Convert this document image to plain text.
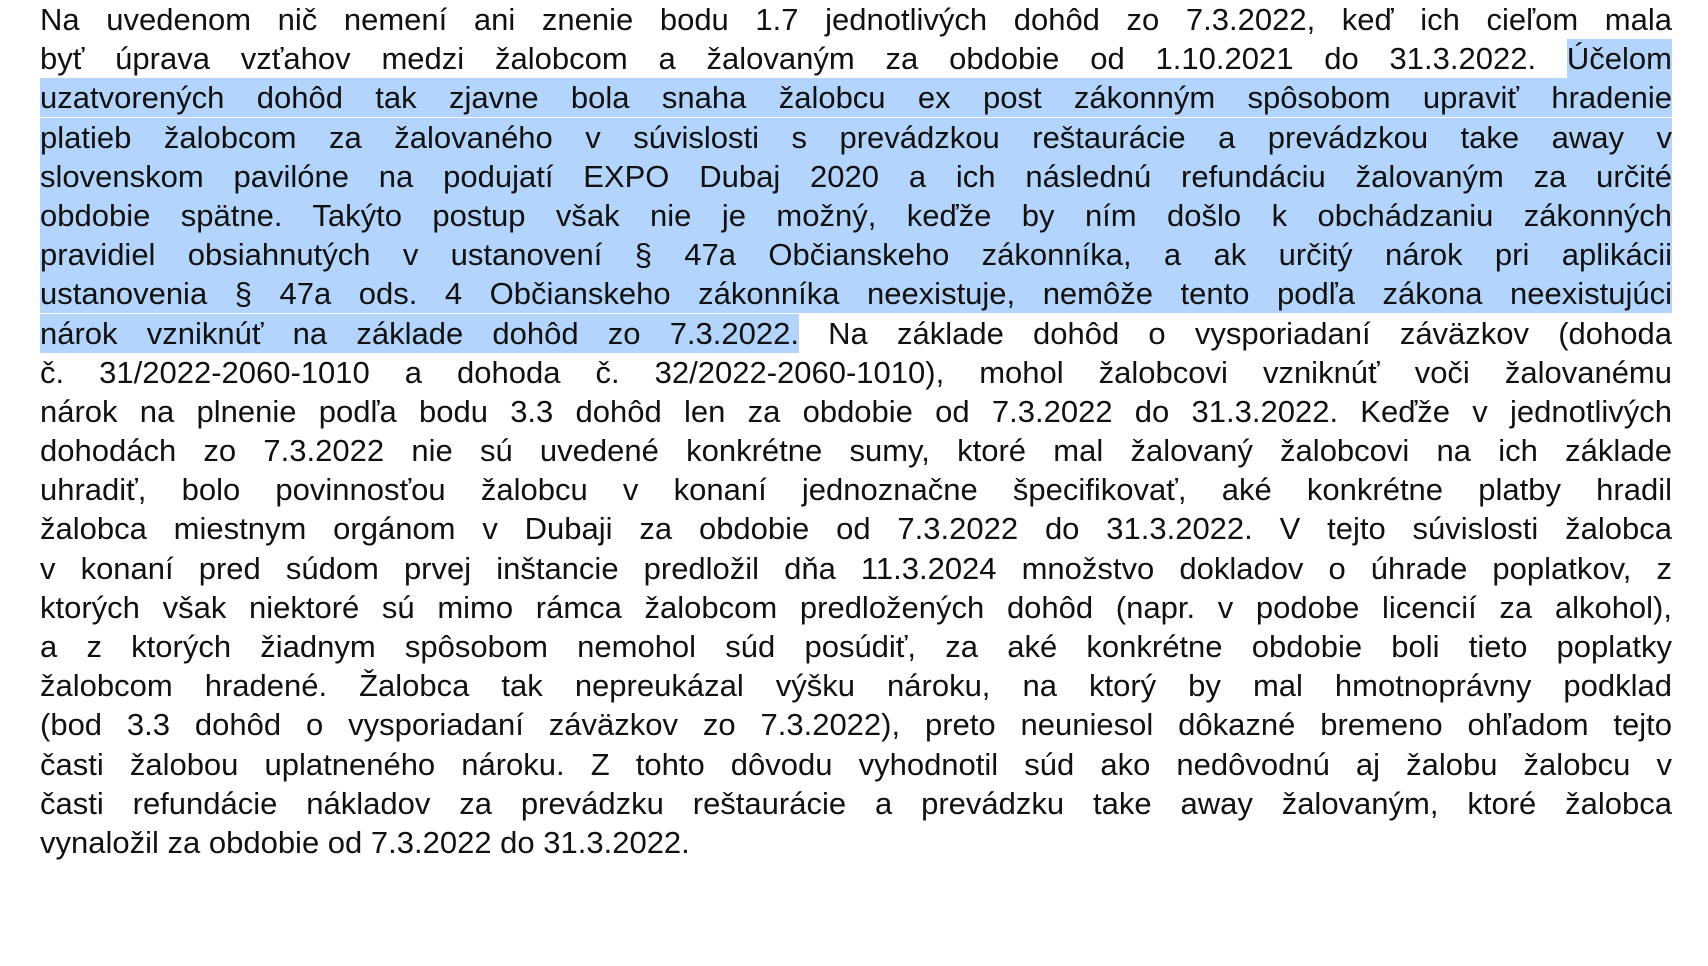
Na uvedenom nič nemení ani znenie bodu 1.7 jednotlivých dohôd zo 7.3.2022, keď ich cieľom mala
byť úprava vzťahov medzi žalobcom a žalovaným za obdobie od 1.10.2021 do 31.3.2022. Účelom
uzatvorených dohôd tak zjavne bola snaha žalobcu ex post zákonným spôsobom upraviť hradenie
platieb žalobcom za žalovaného v súvislosti s prevádzkou reštaurácie a prevádzkou take away v
slovenskom pavilóne na podujatí EXPO Dubaj 2020 a ich následnú refundáciu žalovaným za určité
obdobie spätne. Takýto postup však nie je možný, keďže by ním došlo k obchádzaniu zákonných
pravidiel obsiahnutých v ustanovení § 47a Občianskeho zákonníka, a ak určitý nárok pri aplikácii
ustanovenia § 47a ods. 4 Občianskeho zákonníka neexistuje, nemôže tento podľa zákona neexistujúci
nárok vzniknúť na základe dohôd zo 7.3.2022. Na základe dohôd o vysporiadaní záväzkov (dohoda
č. 31/2022-2060-1010 a dohoda č. 32/2022-2060-1010), mohol žalobcovi vzniknúť voči žalovanému
nárok na plnenie podľa bodu 3.3 dohôd len za obdobie od 7.3.2022 do 31.3.2022. Keďže v jednotlivých
dohodách zo 7.3.2022 nie sú uvedené konkrétne sumy, ktoré mal žalovaný žalobcovi na ich základe
uhradiť, bolo povinnosťou žalobcu v konaní jednoznačne špecifikovať, aké konkrétne platby hradil
žalobca miestnym orgánom v Dubaji za obdobie od 7.3.2022 do 31.3.2022. V tejto súvislosti žalobca
v konaní pred súdom prvej inštancie predložil dňa 11.3.2024 množstvo dokladov o úhrade poplatkov, z
ktorých však niektoré sú mimo rámca žalobcom predložených dohôd (napr. v podobe licencií za alkohol),
a z ktorých žiadnym spôsobom nemohol súd posúdiť, za aké konkrétne obdobie boli tieto poplatky
žalobcom hradené. Žalobca tak nepreukázal výšku nároku, na ktorý by mal hmotnoprávny podklad
(bod 3.3 dohôd o vysporiadaní záväzkov zo 7.3.2022), preto neuniesol dôkazné bremeno ohľadom tejto
časti žalobou uplatneného nároku. Z tohto dôvodu vyhodnotil súd ako nedôvodnú aj žalobu žalobcu v
časti refundácie nákladov za prevádzku reštaurácie a prevádzku take away žalovaným, ktoré žalobca
vynaložil za obdobie od 7.3.2022 do 31.3.2022.
